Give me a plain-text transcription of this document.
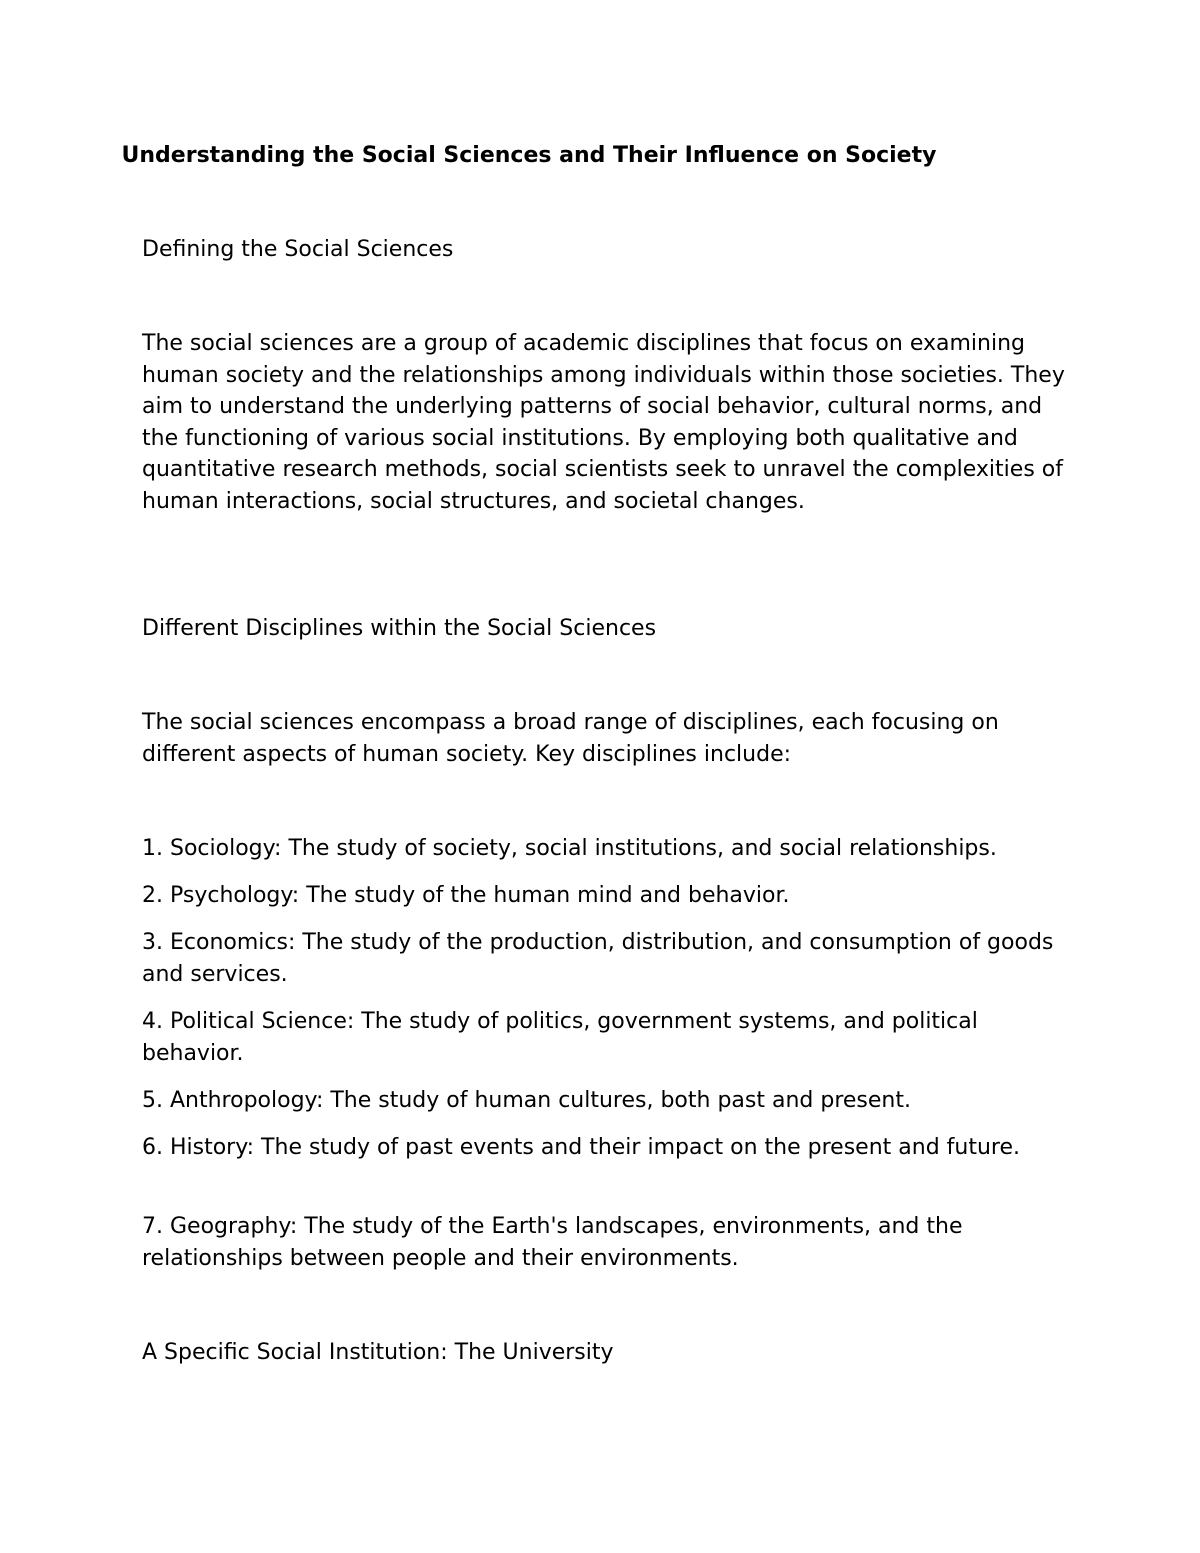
Understanding the Social Sciences and Their Influence on Society

Defining the Social Sciences

The social sciences are a group of academic disciplines that focus on examining human society and the relationships among individuals within those societies. They aim to understand the underlying patterns of social behavior, cultural norms, and the functioning of various social institutions. By employing both qualitative and quantitative research methods, social scientists seek to unravel the complexities of human interactions, social structures, and societal changes.

Different Disciplines within the Social Sciences

The social sciences encompass a broad range of disciplines, each focusing on different aspects of human society. Key disciplines include:

1. Sociology: The study of society, social institutions, and social relationships.

2. Psychology: The study of the human mind and behavior.

3. Economics: The study of the production, distribution, and consumption of goods and services.

4. Political Science: The study of politics, government systems, and political behavior.

5. Anthropology: The study of human cultures, both past and present.

6. History: The study of past events and their impact on the present and future.

7. Geography: The study of the Earth's landscapes, environments, and the relationships between people and their environments.

A Specific Social Institution: The University
